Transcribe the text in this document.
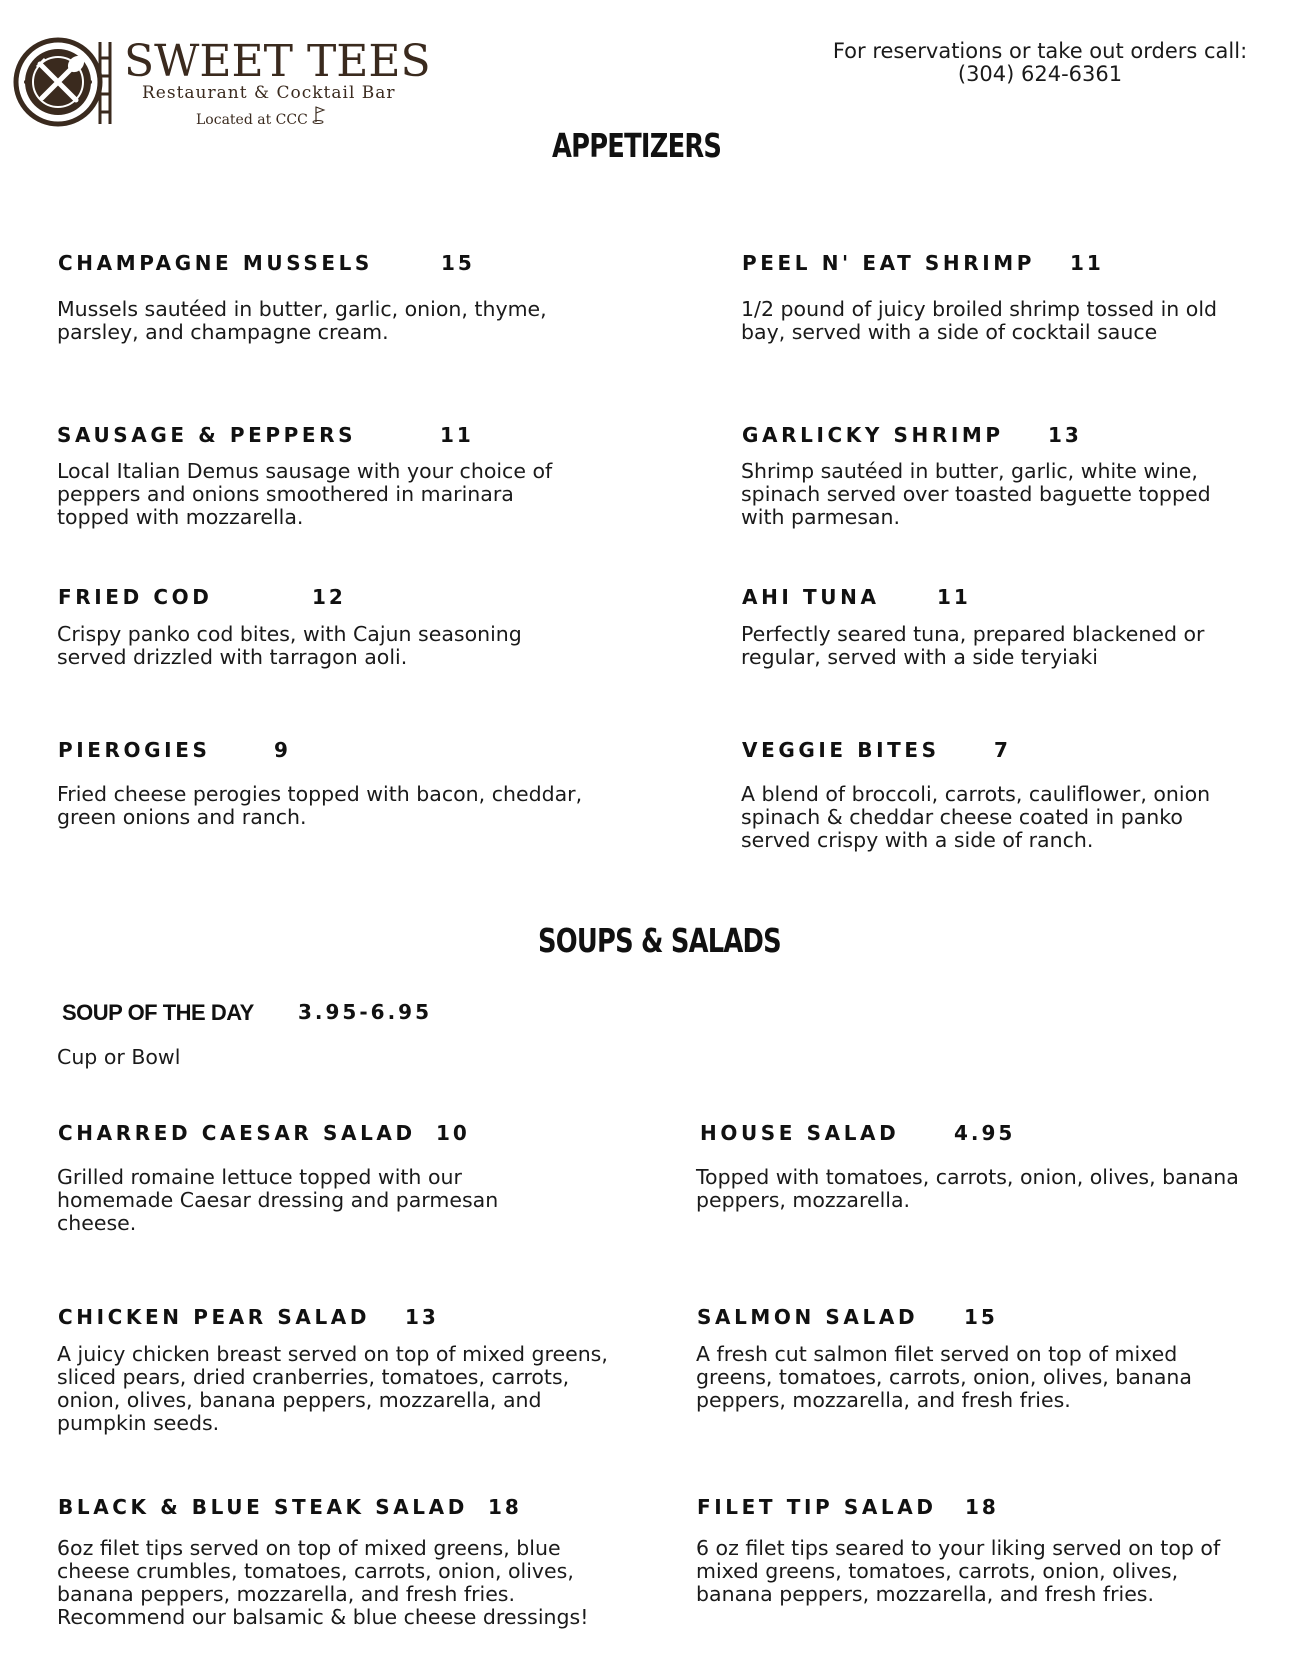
SWEET TEES
Restaurant & Cocktail Bar
Located at CCC
For reservations or take out orders call:
(304) 624-6361
APPETIZERS
CHAMPAGNE MUSSELS	15
Mussels sautéed in butter, garlic, onion, thyme,
parsley, and champagne cream.
SAUSAGE & PEPPERS	11
Local Italian Demus sausage with your choice of
peppers and onions smoothered in marinara
topped with mozzarella.
FRIED COD	12
Crispy panko cod bites, with Cajun seasoning
served drizzled with tarragon aoli.
PIEROGIES	9
Fried cheese perogies topped with bacon, cheddar,
green onions and ranch.
PEEL N' EAT SHRIMP 11
1/2 pound of juicy broiled shrimp tossed in old
bay, served with a side of cocktail sauce
GARLICKY SHRIMP 13
Shrimp sautéed in butter, garlic, white wine,
spinach served over toasted baguette topped
with parmesan.
AHI TUNA	11
Perfectly seared tuna, prepared blackened or
regular, served with a side teryiaki
VEGGIE BITES	7
A blend of broccoli, carrots, cauliflower, onion
spinach & cheddar cheese coated in panko
served crispy with a side of ranch.
SOUPS & SALADS
SOUP OF THE DAY 3.95-6.95
Cup or Bowl
CHARRED CAESAR SALAD 10
Grilled romaine lettuce topped with our
homemade Caesar dressing and parmesan
cheese.
CHICKEN PEAR SALAD 13
A juicy chicken breast served on top of mixed greens,
sliced pears, dried cranberries, tomatoes, carrots,
onion, olives, banana peppers, mozzarella, and
pumpkin seeds.
BLACK & BLUE STEAK SALAD 18
6oz filet tips served on top of mixed greens, blue
cheese crumbles, tomatoes, carrots, onion, olives,
banana peppers, mozzarella, and fresh fries.
Recommend our balsamic & blue cheese dressings!
HOUSE SALAD	4.95
Topped with tomatoes, carrots, onion, olives, banana
peppers, mozzarella.
SALMON SALAD 15
A fresh cut salmon filet served on top of mixed
greens, tomatoes, carrots, onion, olives, banana
peppers, mozzarella, and fresh fries.
FILET TIP SALAD 18
6 oz filet tips seared to your liking served on top of
mixed greens, tomatoes, carrots, onion, olives,
banana peppers, mozzarella, and fresh fries.
